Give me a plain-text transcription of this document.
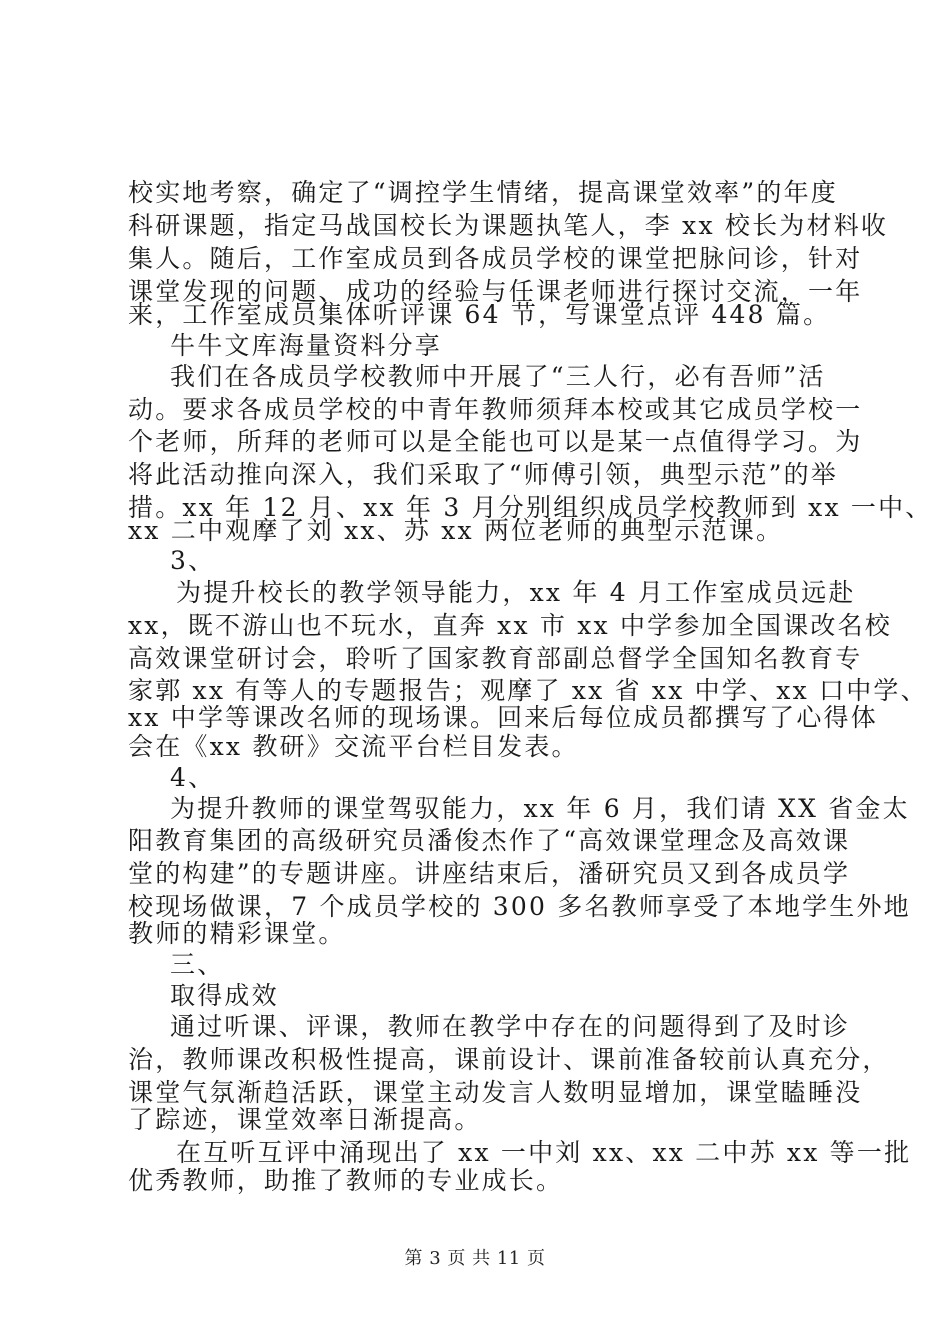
校实地考察，确定了“调控学生情绪，提高课堂效率”的年度
科研课题，指定马战国校长为课题执笔人，李 xx 校长为材料收
集人。随后，工作室成员到各成员学校的课堂把脉问诊，针对
课堂发现的问题、成功的经验与任课老师进行探讨交流，一年
来，工作室成员集体听评课 64 节，写课堂点评 448 篇。
牛牛文库海量资料分享
我们在各成员学校教师中开展了“三人行，必有吾师”活
动。要求各成员学校的中青年教师须拜本校或其它成员学校一
个老师，所拜的老师可以是全能也可以是某一点值得学习。为
将此活动推向深入，我们采取了“师傅引领，典型示范”的举
措。xx 年 12 月、xx 年 3 月分别组织成员学校教师到 xx 一中、
xx 二中观摩了刘 xx、苏 xx 两位老师的典型示范课。
3、
为提升校长的教学领导能力，xx 年 4 月工作室成员远赴
xx，既不游山也不玩水，直奔 xx 市 xx 中学参加全国课改名校
高效课堂研讨会，聆听了国家教育部副总督学全国知名教育专
家郭 xx 有等人的专题报告；观摩了 xx 省 xx 中学、xx 口中学、
xx 中学等课改名师的现场课。回来后每位成员都撰写了心得体
会在《xx 教研》交流平台栏目发表。
4、
为提升教师的课堂驾驭能力，xx 年 6 月，我们请 XX 省金太
阳教育集团的高级研究员潘俊杰作了“高效课堂理念及高效课
堂的构建”的专题讲座。讲座结束后，潘研究员又到各成员学
校现场做课，7 个成员学校的 300 多名教师享受了本地学生外地
教师的精彩课堂。
三、
取得成效
通过听课、评课，教师在教学中存在的问题得到了及时诊
治，教师课改积极性提高，课前设计、课前准备较前认真充分，
课堂气氛渐趋活跃，课堂主动发言人数明显增加，课堂瞌睡没
了踪迹，课堂效率日渐提高。
在互听互评中涌现出了 xx 一中刘 xx、xx 二中苏 xx 等一批
优秀教师，助推了教师的专业成长。
第 3 页 共 11 页
